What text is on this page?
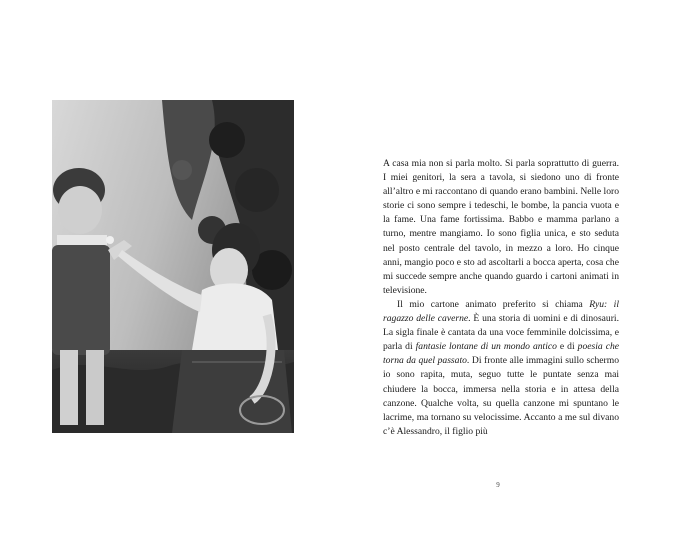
A casa mia non si parla molto. Si parla soprattutto di guerra. I miei genitori, la sera a tavola, si siedono uno di fronte all’altro e mi raccontano di quando erano bambini. Nelle loro storie ci sono sempre i tedeschi, le bombe, la pancia vuota e la fame. Una fame fortissima. Babbo e mamma parlano a turno, mentre mangiamo. Io sono figlia unica, e sto seduta nel posto centrale del tavolo, in mezzo a loro. Ho cinque anni, mangio poco e sto ad ascoltarli a bocca aperta, cosa che mi succede sempre anche quando guardo i cartoni animati in televisione.

Il mio cartone animato preferito si chiama Ryu: il ragazzo delle caverne. È una storia di uomini e di dinosauri. La sigla finale è cantata da una voce femminile dolcissima, e parla di fantasie lontane di un mondo antico e di poesia che torna da quel passato. Di fronte alle immagini sullo schermo io sono rapita, muta, seguo tutte le puntate senza mai chiudere la bocca, immersa nella storia e in attesa della canzone. Qualche volta, su quella canzone mi spuntano le lacrime, ma tornano su velocissime. Accanto a me sul divano c’è Alessandro, il figlio più

9
